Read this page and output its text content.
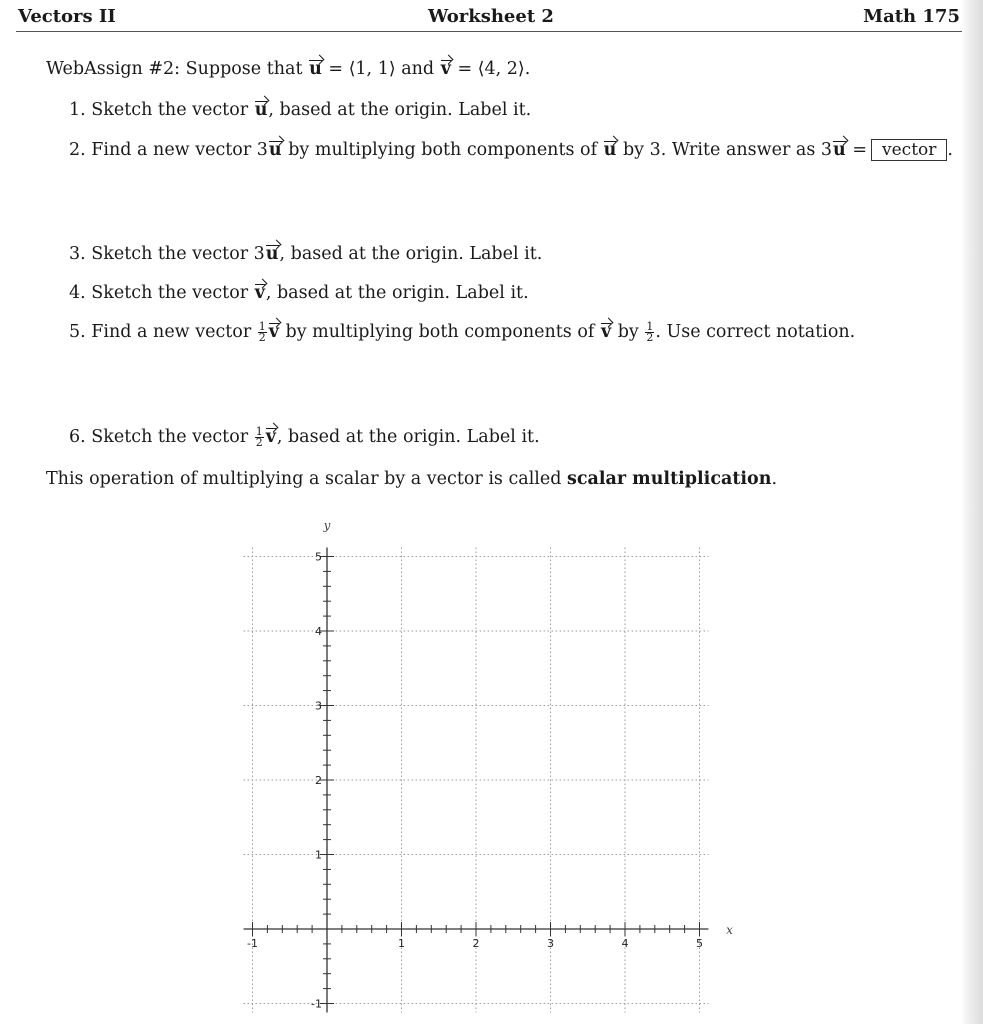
Vectors II	Worksheet 2	Math 175
WebAssign #2: Suppose that u = ⟨1, 1⟩ and v = ⟨4, 2⟩.
1. Sketch the vector u, based at the origin. Label it.
2. Find a new vector 3u by multiplying both components of u by 3. Write answer as 3u = vector .
3. Sketch the vector 3u, based at the origin. Label it.
4. Sketch the vector v, based at the origin. Label it.
5. Find a new vector $\frac{1}{2}$ v by multiplying both components of v by $\frac{1}{2}$ . Use correct notation.
6. Sketch the vector $\frac{1}{2} v$, based at the origin. Label it.
This operation of multiplying a scalar by a vector is called scalar multiplication.
-1	1	2	3	4	5
-1
1
2
3
4
5
x
y
